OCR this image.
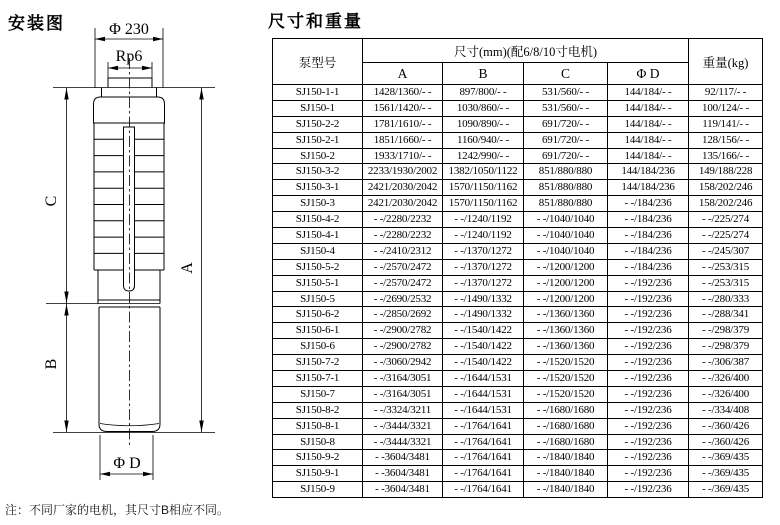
安装图	Φ 230
Rp6
C
A
B
Φ D
注：不同厂家的电机，其尺寸B相应不同。
尺寸和重量
泵型号	尺寸(mm)(配6/8/10寸电机)				重量(kg)
	A	B	C	Φ D	
SJ150-1-1	1428/1360/- -	897/800/- -	531/560/- -	144/184/- -	92/117/- -
SJ150-1	1561/1420/- -	1030/860/- -	531/560/- -	144/184/- -	100/124/- -
SJ150-2-2	1781/1610/- -	1090/890/- -	691/720/- -	144/184/- -	119/141/- -
SJ150-2-1	1851/1660/- -	1160/940/- -	691/720/- -	144/184/- -	128/156/- -
SJ150-2	1933/1710/- -	1242/990/- -	691/720/- -	144/184/- -	135/166/- -
SJ150-3-2	2233/1930/2002	1382/1050/1122	851/880/880	144/184/236	149/188/228
SJ150-3-1	2421/2030/2042	1570/1150/1162	851/880/880	144/184/236	158/202/246
SJ150-3	2421/2030/2042	1570/1150/1162	851/880/880	- -/184/236	158/202/246
SJ150-4-2	- -/2280/2232	- -/1240/1192	- -/1040/1040	- -/184/236	- -/225/274
SJ150-4-1	- -/2280/2232	- -/1240/1192	- -/1040/1040	- -/184/236	- -/225/274
SJ150-4	- -/2410/2312	- -/1370/1272	- -/1040/1040	- -/184/236	- -/245/307
SJ150-5-2	- -/2570/2472	- -/1370/1272	- -/1200/1200	- -/184/236	- -/253/315
SJ150-5-1	- -/2570/2472	- -/1370/1272	- -/1200/1200	- -/192/236	- -/253/315
SJ150-5	- -/2690/2532	- -/1490/1332	- -/1200/1200	- -/192/236	- -/280/333
SJ150-6-2	- -/2850/2692	- -/1490/1332	- -/1360/1360	- -/192/236	- -/288/341
SJ150-6-1	- -/2900/2782	- -/1540/1422	- -/1360/1360	- -/192/236	- -/298/379
SJ150-6	- -/2900/2782	- -/1540/1422	- -/1360/1360	- -/192/236	- -/298/379
SJ150-7-2	- -/3060/2942	- -/1540/1422	- -/1520/1520	- -/192/236	- -/306/387
SJ150-7-1	- -/3164/3051	- -/1644/1531	- -/1520/1520	- -/192/236	- -/326/400
SJ150-7	- -/3164/3051	- -/1644/1531	- -/1520/1520	- -/192/236	- -/326/400
SJ150-8-2	- -/3324/3211	- -/1644/1531	- -/1680/1680	- -/192/236	- -/334/408
SJ150-8-1	- -/3444/3321	- -/1764/1641	- -/1680/1680	- -/192/236	- -/360/426
SJ150-8	- -/3444/3321	- -/1764/1641	- -/1680/1680	- -/192/236	- -/360/426
SJ150-9-2	- -3604/3481	- -/1764/1641	- -/1840/1840	- -/192/236	- -/369/435
SJ150-9-1	- -3604/3481	- -/1764/1641	- -/1840/1840	- -/192/236	- -/369/435
SJ150-9	- -3604/3481	- -/1764/1641	- -/1840/1840	- -/192/236	- -/369/435
